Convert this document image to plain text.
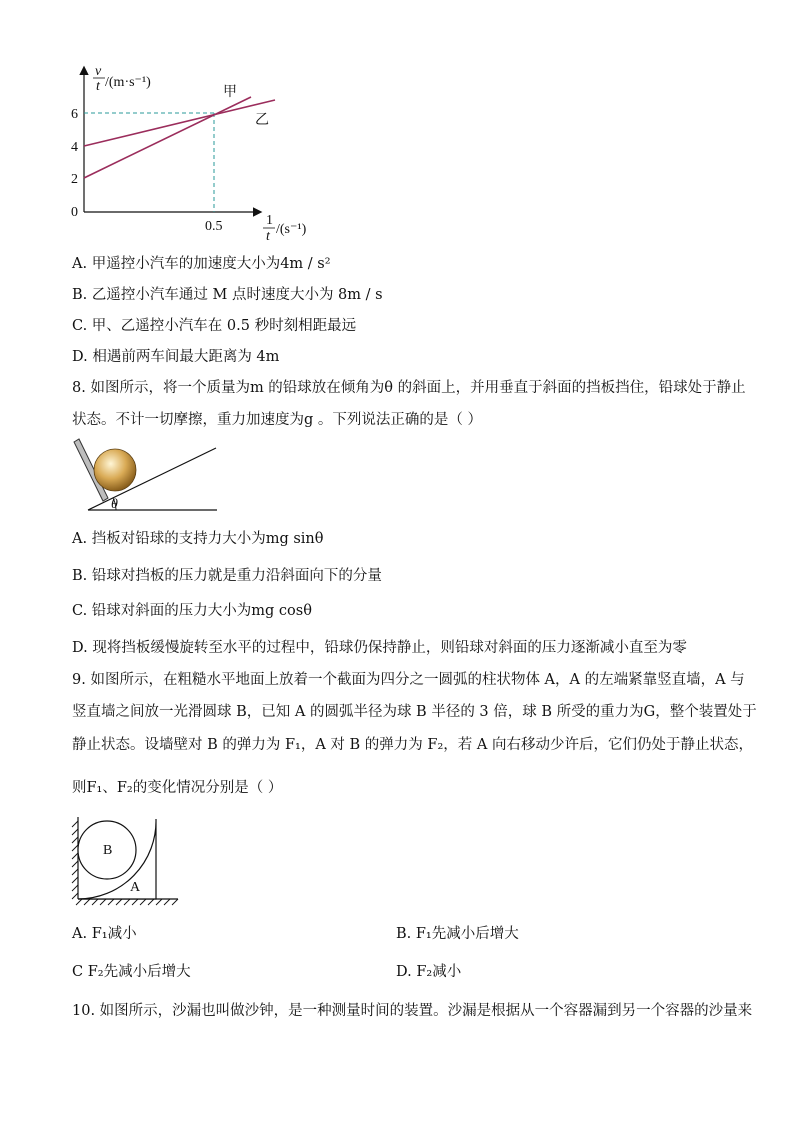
v
t /(m·s⁻¹)
6
4
2
0
甲
乙
0.5	1
t /(s⁻¹)
A. 甲遥控小汽车的加速度大小为4m / s²
B. 乙遥控小汽车通过 M 点时速度大小为 8m / s
C. 甲、乙遥控小汽车在 0.5 秒时刻相距最远
D. 相遇前两车间最大距离为 4m
8. 如图所示，将一个质量为m 的铅球放在倾角为θ 的斜面上，并用垂直于斜面的挡板挡住，铅球处于静止
状态。不计一切摩擦，重力加速度为g 。下列说法正确的是（ ）
θ
A. 挡板对铅球的支持力大小为mg sinθ
B. 铅球对挡板的压力就是重力沿斜面向下的分量
C. 铅球对斜面的压力大小为mg cosθ
D. 现将挡板缓慢旋转至水平的过程中，铅球仍保持静止，则铅球对斜面的压力逐渐减小直至为零
9. 如图所示，在粗糙水平地面上放着一个截面为四分之一圆弧的柱状物体 A，A 的左端紧靠竖直墙，A 与
竖直墙之间放一光滑圆球 B，已知 A 的圆弧半径为球 B 半径的 3 倍，球 B 所受的重力为G，整个装置处于
静止状态。设墙壁对 B 的弹力为 F₁，A 对 B 的弹力为 F₂，若 A 向右移动少许后，它们仍处于静止状态，
则F₁、F₂的变化情况分别是（ ）
B
A
A. F₁减小	B. F₁先减小后增大
C F₂先减小后增大	D. F₂减小
10. 如图所示，沙漏也叫做沙钟，是一种测量时间的装置。沙漏是根据从一个容器漏到另一个容器的沙量来
